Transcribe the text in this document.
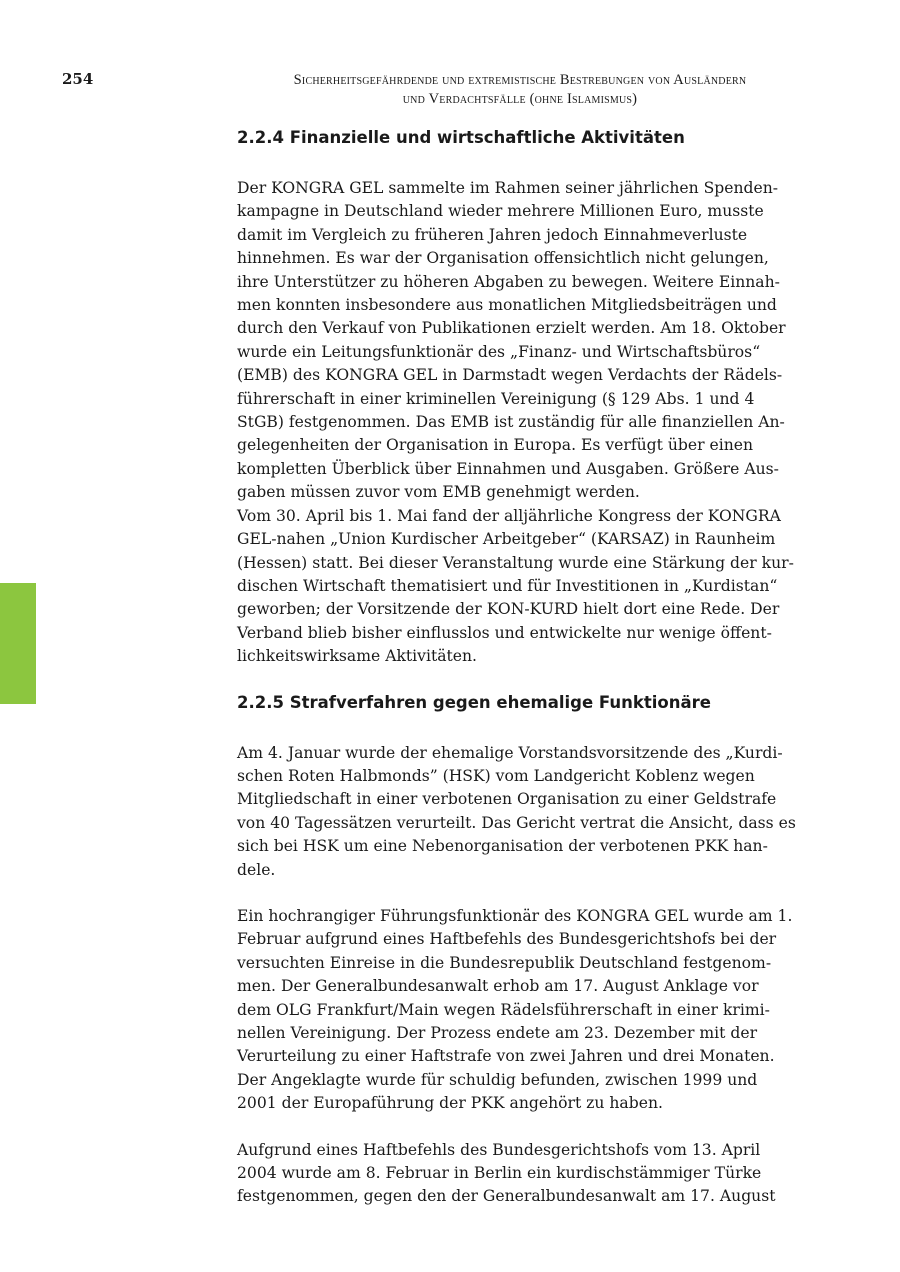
254	Sicherheitsgefährdende und extremistische Bestrebungen von Ausländern
und Verdachtsfälle (ohne Islamismus)
2.2.4 Finanzielle und wirtschaftliche Aktivitäten
Der KONGRA GEL sammelte im Rahmen seiner jährlichen Spenden-
kampagne in Deutschland wieder mehrere Millionen Euro, musste
damit im Vergleich zu früheren Jahren jedoch Einnahmeverluste
hinnehmen. Es war der Organisation offensichtlich nicht gelungen,
ihre Unterstützer zu höheren Abgaben zu bewegen. Weitere Einnah-
men konnten insbesondere aus monatlichen Mitgliedsbeiträgen und
durch den Verkauf von Publikationen erzielt werden. Am 18. Oktober
wurde ein Leitungsfunktionär des „Finanz- und Wirtschaftsbüros“
(EMB) des KONGRA GEL in Darmstadt wegen Verdachts der Rädels-
führerschaft in einer kriminellen Vereinigung (§ 129 Abs. 1 und 4
StGB) festgenommen. Das EMB ist zuständig für alle finanziellen An-
gelegenheiten der Organisation in Europa. Es verfügt über einen
kompletten Überblick über Einnahmen und Ausgaben. Größere Aus-
gaben müssen zuvor vom EMB genehmigt werden.
Vom 30. April bis 1. Mai fand der alljährliche Kongress der KONGRA
GEL-nahen „Union Kurdischer Arbeitgeber“ (KARSAZ) in Raunheim
(Hessen) statt. Bei dieser Veranstaltung wurde eine Stärkung der kur-
dischen Wirtschaft thematisiert und für Investitionen in „Kurdistan“
geworben; der Vorsitzende der KON-KURD hielt dort eine Rede. Der
Verband blieb bisher einflusslos und entwickelte nur wenige öffent-
lichkeitswirksame Aktivitäten.
2.2.5 Strafverfahren gegen ehemalige Funktionäre
Am 4. Januar wurde der ehemalige Vorstandsvorsitzende des „Kurdi-
schen Roten Halbmonds” (HSK) vom Landgericht Koblenz wegen
Mitgliedschaft in einer verbotenen Organisation zu einer Geldstrafe
von 40 Tagessätzen verurteilt. Das Gericht vertrat die Ansicht, dass es
sich bei HSK um eine Nebenorganisation der verbotenen PKK han-
dele.
Ein hochrangiger Führungsfunktionär des KONGRA GEL wurde am 1.
Februar aufgrund eines Haftbefehls des Bundesgerichtshofs bei der
versuchten Einreise in die Bundesrepublik Deutschland festgenom-
men. Der Generalbundesanwalt erhob am 17. August Anklage vor
dem OLG Frankfurt/Main wegen Rädelsführerschaft in einer krimi-
nellen Vereinigung. Der Prozess endete am 23. Dezember mit der
Verurteilung zu einer Haftstrafe von zwei Jahren und drei Monaten.
Der Angeklagte wurde für schuldig befunden, zwischen 1999 und
2001 der Europaführung der PKK angehört zu haben.
Aufgrund eines Haftbefehls des Bundesgerichtshofs vom 13. April
2004 wurde am 8. Februar in Berlin ein kurdischstämmiger Türke
festgenommen, gegen den der Generalbundesanwalt am 17. August
